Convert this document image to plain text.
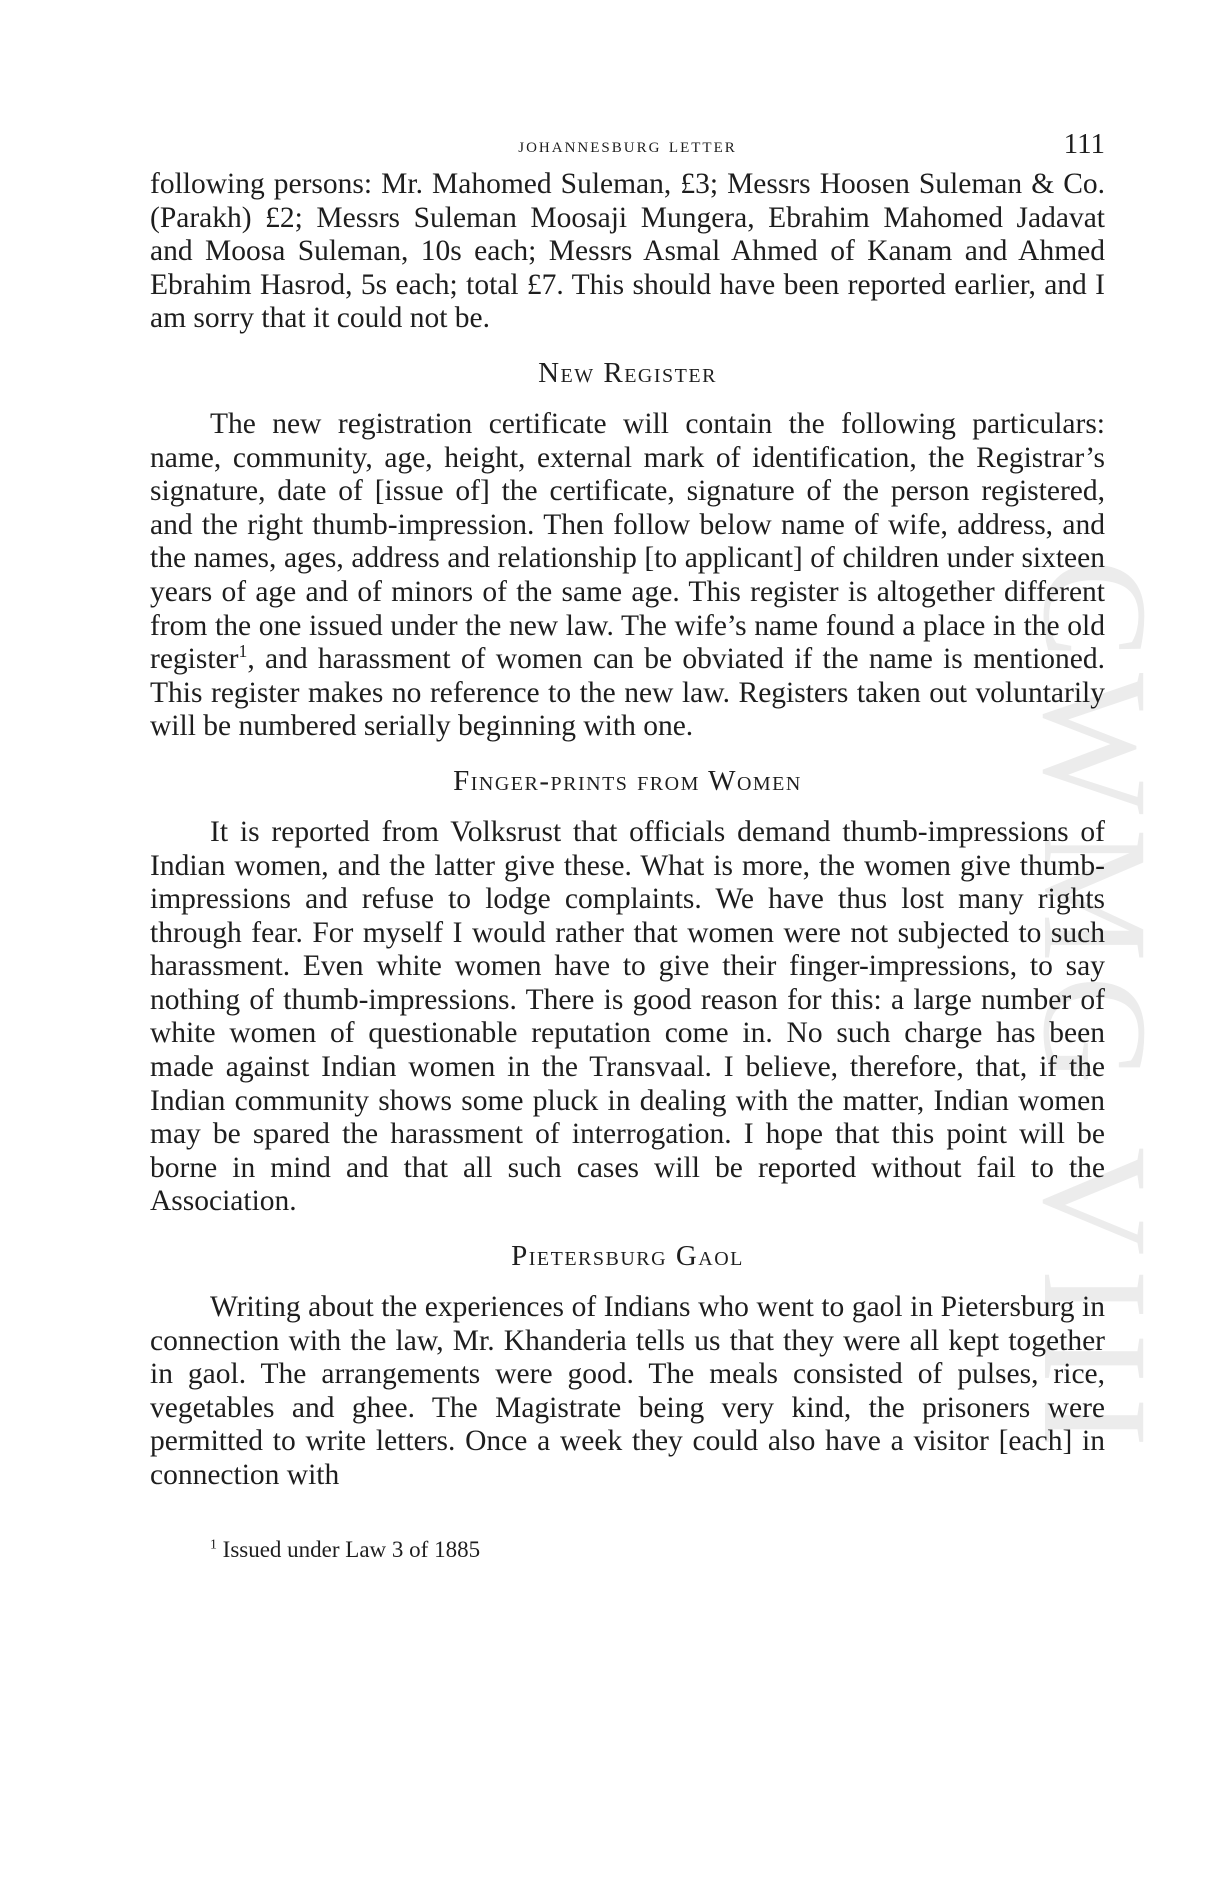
CWMG VIII
johannesburg letter	111

following persons: Mr. Mahomed Suleman, £3; Messrs Hoosen Suleman & Co. (Parakh) £2; Messrs Suleman Moosaji Mungera, Ebrahim Mahomed Jadavat and Moosa Suleman, 10s each; Messrs Asmal Ahmed of Kanam and Ahmed Ebrahim Hasrod, 5s each; total £7. This should have been reported earlier, and I am sorry that it could not be.

New Register

The new registration certificate will contain the following particulars: name, community, age, height, external mark of identification, the Registrar’s signature, date of [issue of] the certificate, signature of the person registered, and the right thumb-impression. Then follow below name of wife, address, and the names, ages, address and relationship [to applicant] of children under sixteen years of age and of minors of the same age. This register is altogether different from the one issued under the new law. The wife’s name found a place in the old register$^1$, and harassment of women can be obviated if the name is mentioned. This register makes no reference to the new law. Registers taken out voluntarily will be numbered serially beginning with one.

Finger-prints from Women

It is reported from Volksrust that officials demand thumb-impressions of Indian women, and the latter give these. What is more, the women give thumb-impressions and refuse to lodge complaints. We have thus lost many rights through fear. For myself I would rather that women were not subjected to such harassment. Even white women have to give their finger-impressions, to say nothing of thumb-impressions. There is good reason for this: a large number of white women of questionable reputation come in. No such charge has been made against Indian women in the Transvaal. I believe, therefore, that, if the Indian community shows some pluck in dealing with the matter, Indian women may be spared the harassment of interrogation. I hope that this point will be borne in mind and that all such cases will be reported without fail to the Association.

Pietersburg Gaol

Writing about the experiences of Indians who went to gaol in Pietersburg in connection with the law, Mr. Khanderia tells us that they were all kept together in gaol. The arrangements were good. The meals consisted of pulses, rice, vegetables and ghee. The Magistrate being very kind, the prisoners were permitted to write letters. Once a week they could also have a visitor [each] in connection with

$^1$ Issued under Law 3 of 1885
